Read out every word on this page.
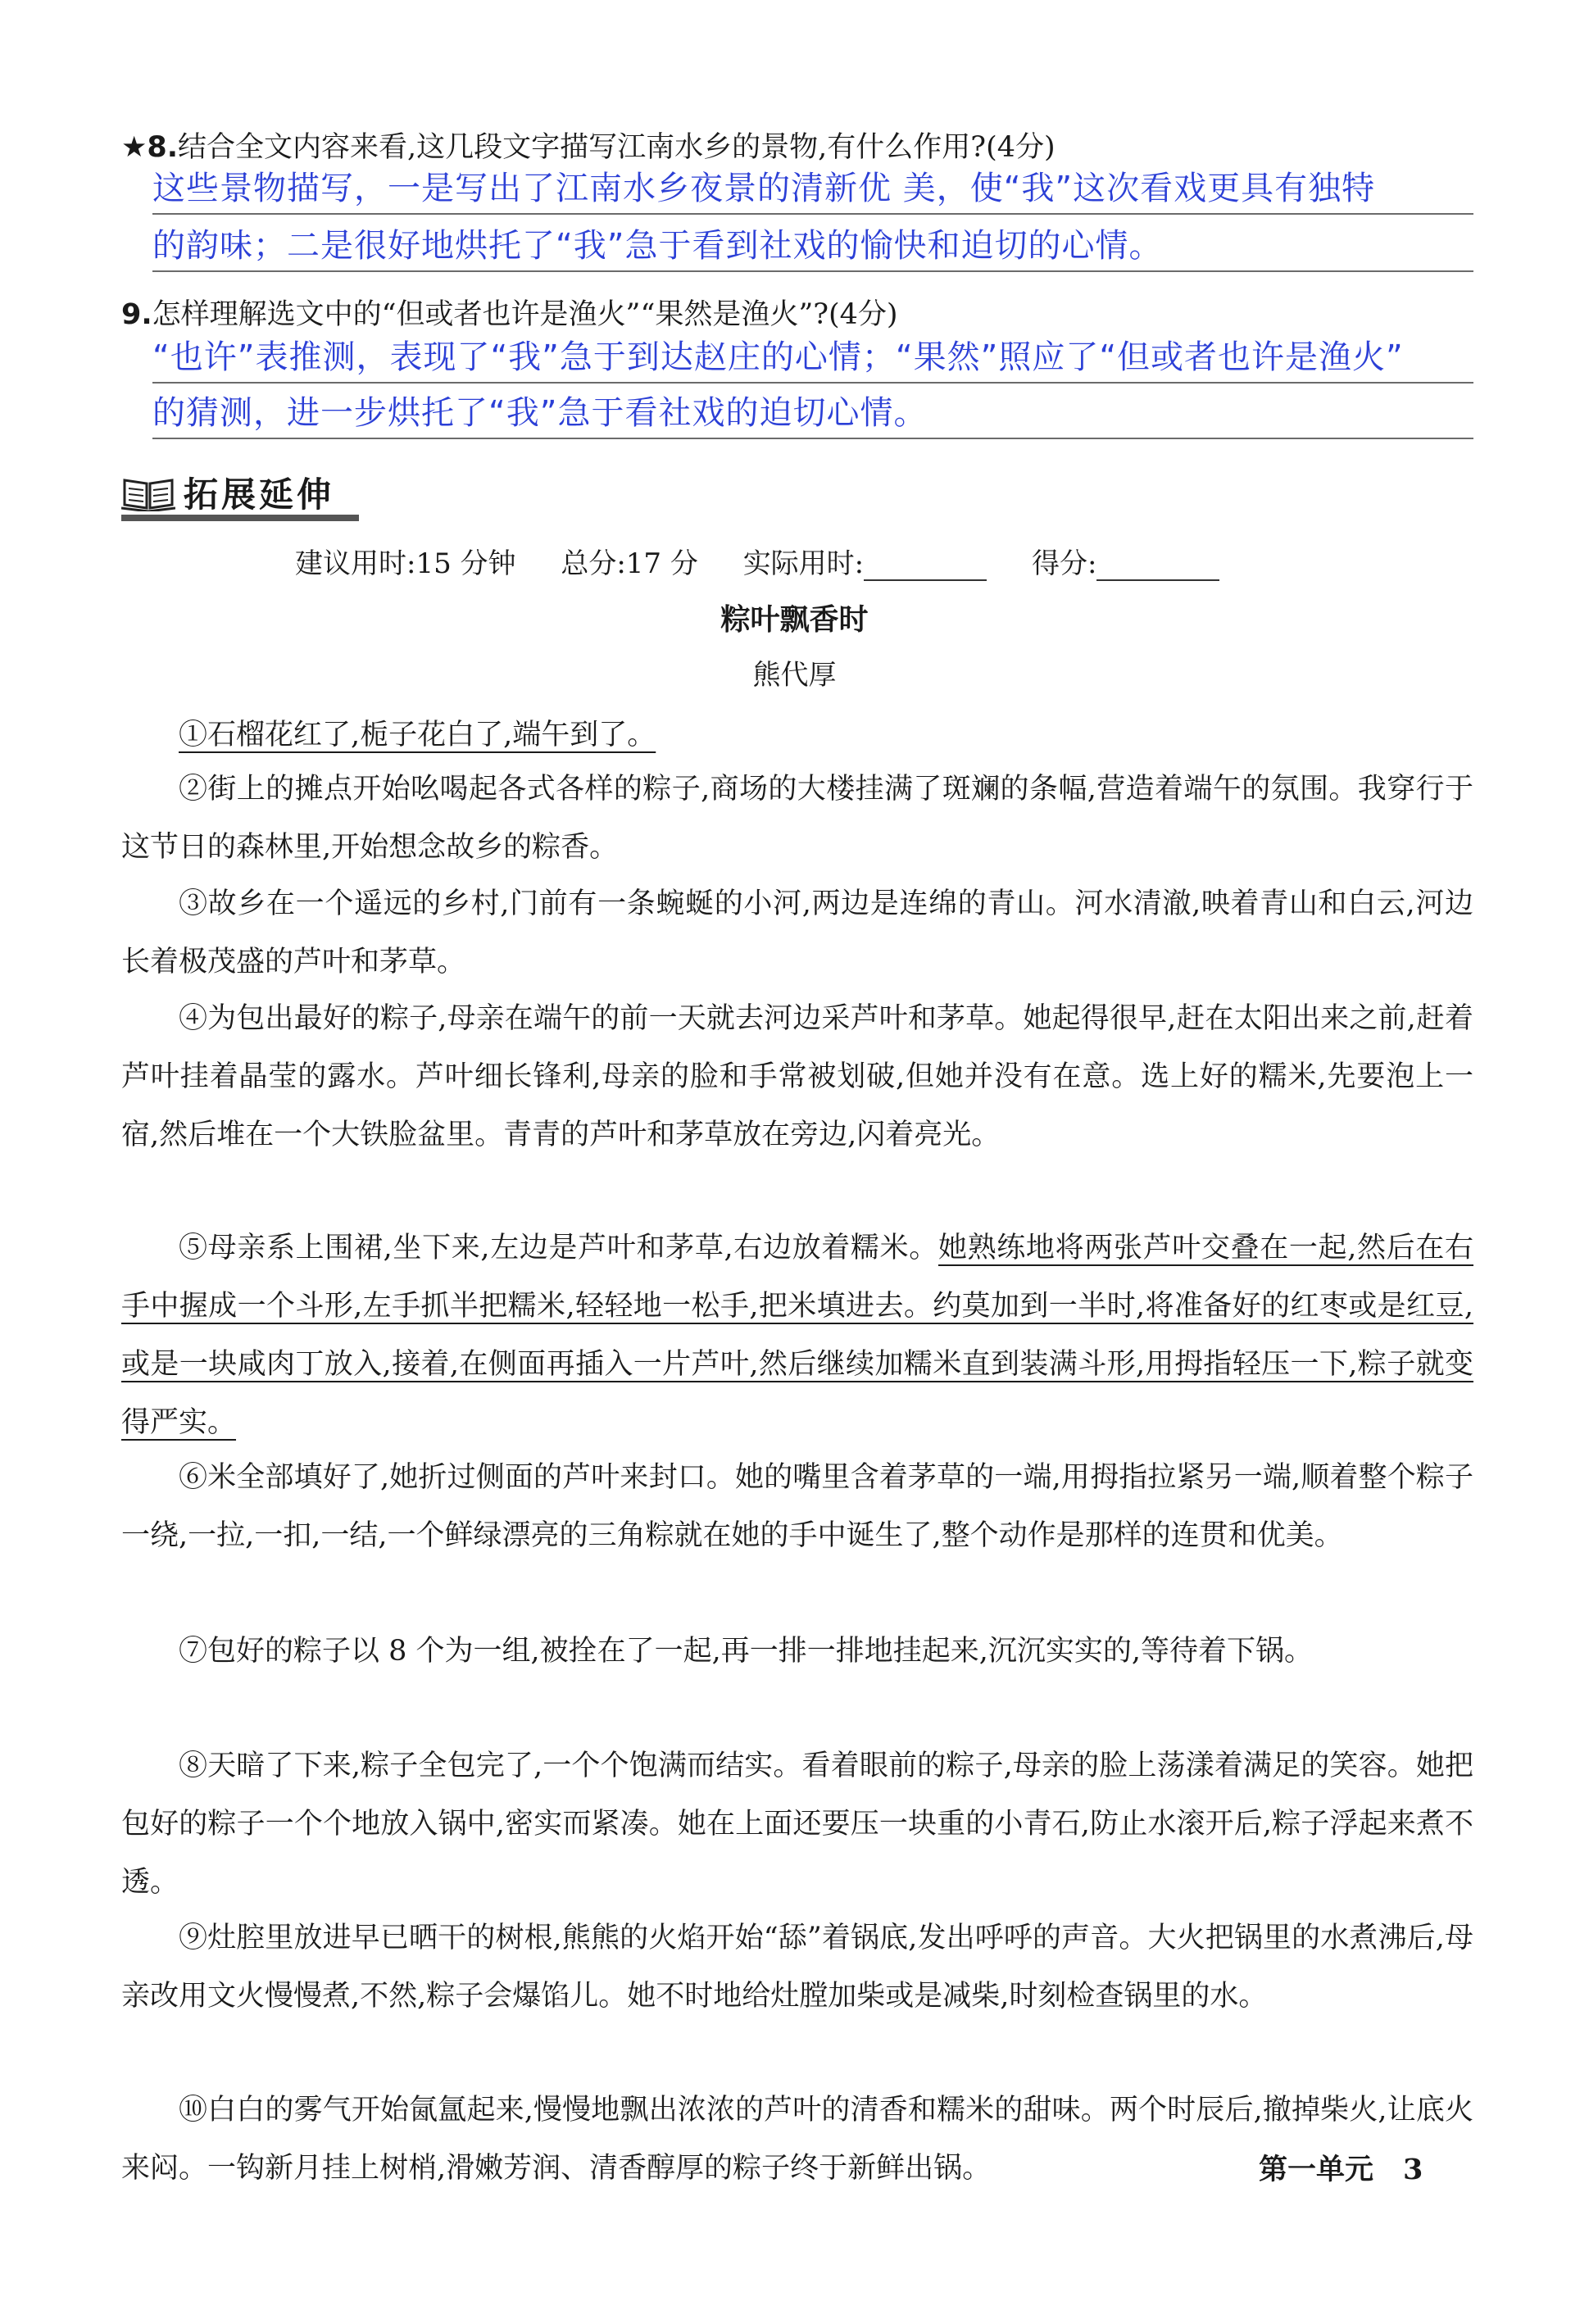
★8.结合全文内容来看,这几段文字描写江南水乡的景物,有什么作用?(4分)
这些景物描写，一是写出了江南水乡夜景的清新优 美，使“我”这次看戏更具有独特
的韵味；二是很好地烘托了“我”急于看到社戏的愉快和迫切的心情。
9.怎样理解选文中的“但或者也许是渔火”“果然是渔火”?(4分)
“也许”表推测，表现了“我”急于到达赵庄的心情；“果然”照应了“但或者也许是渔火”
的猜测，进一步烘托了“我”急于看社戏的迫切心情。
拓展延伸
建议用时:15 分钟 总分:17 分 实际用时:	得分:
粽叶飘香时
熊代厚
①石榴花红了,栀子花白了,端午到了。
②街上的摊点开始吆喝起各式各样的粽子,商场的大楼挂满了斑斓的条幅,营造着端午的氛围。我穿行于这节日的森林里,开始想念故乡的粽香。
③故乡在一个遥远的乡村,门前有一条蜿蜒的小河,两边是连绵的青山。河水清澈,映着青山和白云,河边长着极茂盛的芦叶和茅草。
④为包出最好的粽子,母亲在端午的前一天就去河边采芦叶和茅草。她起得很早,赶在太阳出来之前,赶着芦叶挂着晶莹的露水。芦叶细长锋利,母亲的脸和手常被划破,但她并没有在意。选上好的糯米,先要泡上一宿,然后堆在一个大铁脸盆里。青青的芦叶和茅草放在旁边,闪着亮光。
⑤母亲系上围裙,坐下来,左边是芦叶和茅草,右边放着糯米。她熟练地将两张芦叶交叠在一起,然后在右手中握成一个斗形,左手抓半把糯米,轻轻地一松手,把米填进去。约莫加到一半时,将准备好的红枣或是红豆,或是一块咸肉丁放入,接着,在侧面再插入一片芦叶,然后继续加糯米直到装满斗形,用拇指轻压一下,粽子就变得严实。
⑥米全部填好了,她折过侧面的芦叶来封口。她的嘴里含着茅草的一端,用拇指拉紧另一端,顺着整个粽子一绕,一拉,一扣,一结,一个鲜绿漂亮的三角粽就在她的手中诞生了,整个动作是那样的连贯和优美。
⑦包好的粽子以 8 个为一组,被拴在了一起,再一排一排地挂起来,沉沉实实的,等待着下锅。
⑧天暗了下来,粽子全包完了,一个个饱满而结实。看着眼前的粽子,母亲的脸上荡漾着满足的笑容。她把包好的粽子一个个地放入锅中,密实而紧凑。她在上面还要压一块重的小青石,防止水滚开后,粽子浮起来煮不透。
⑨灶腔里放进早已晒干的树根,熊熊的火焰开始“舔”着锅底,发出呼呼的声音。大火把锅里的水煮沸后,母亲改用文火慢慢煮,不然,粽子会爆馅儿。她不时地给灶膛加柴或是减柴,时刻检查锅里的水。
⑩白白的雾气开始氤氲起来,慢慢地飘出浓浓的芦叶的清香和糯米的甜味。两个时辰后,撤掉柴火,让底火来闷。一钩新月挂上树梢,滑嫩芳润、清香醇厚的粽子终于新鲜出锅。	第一单元 3
